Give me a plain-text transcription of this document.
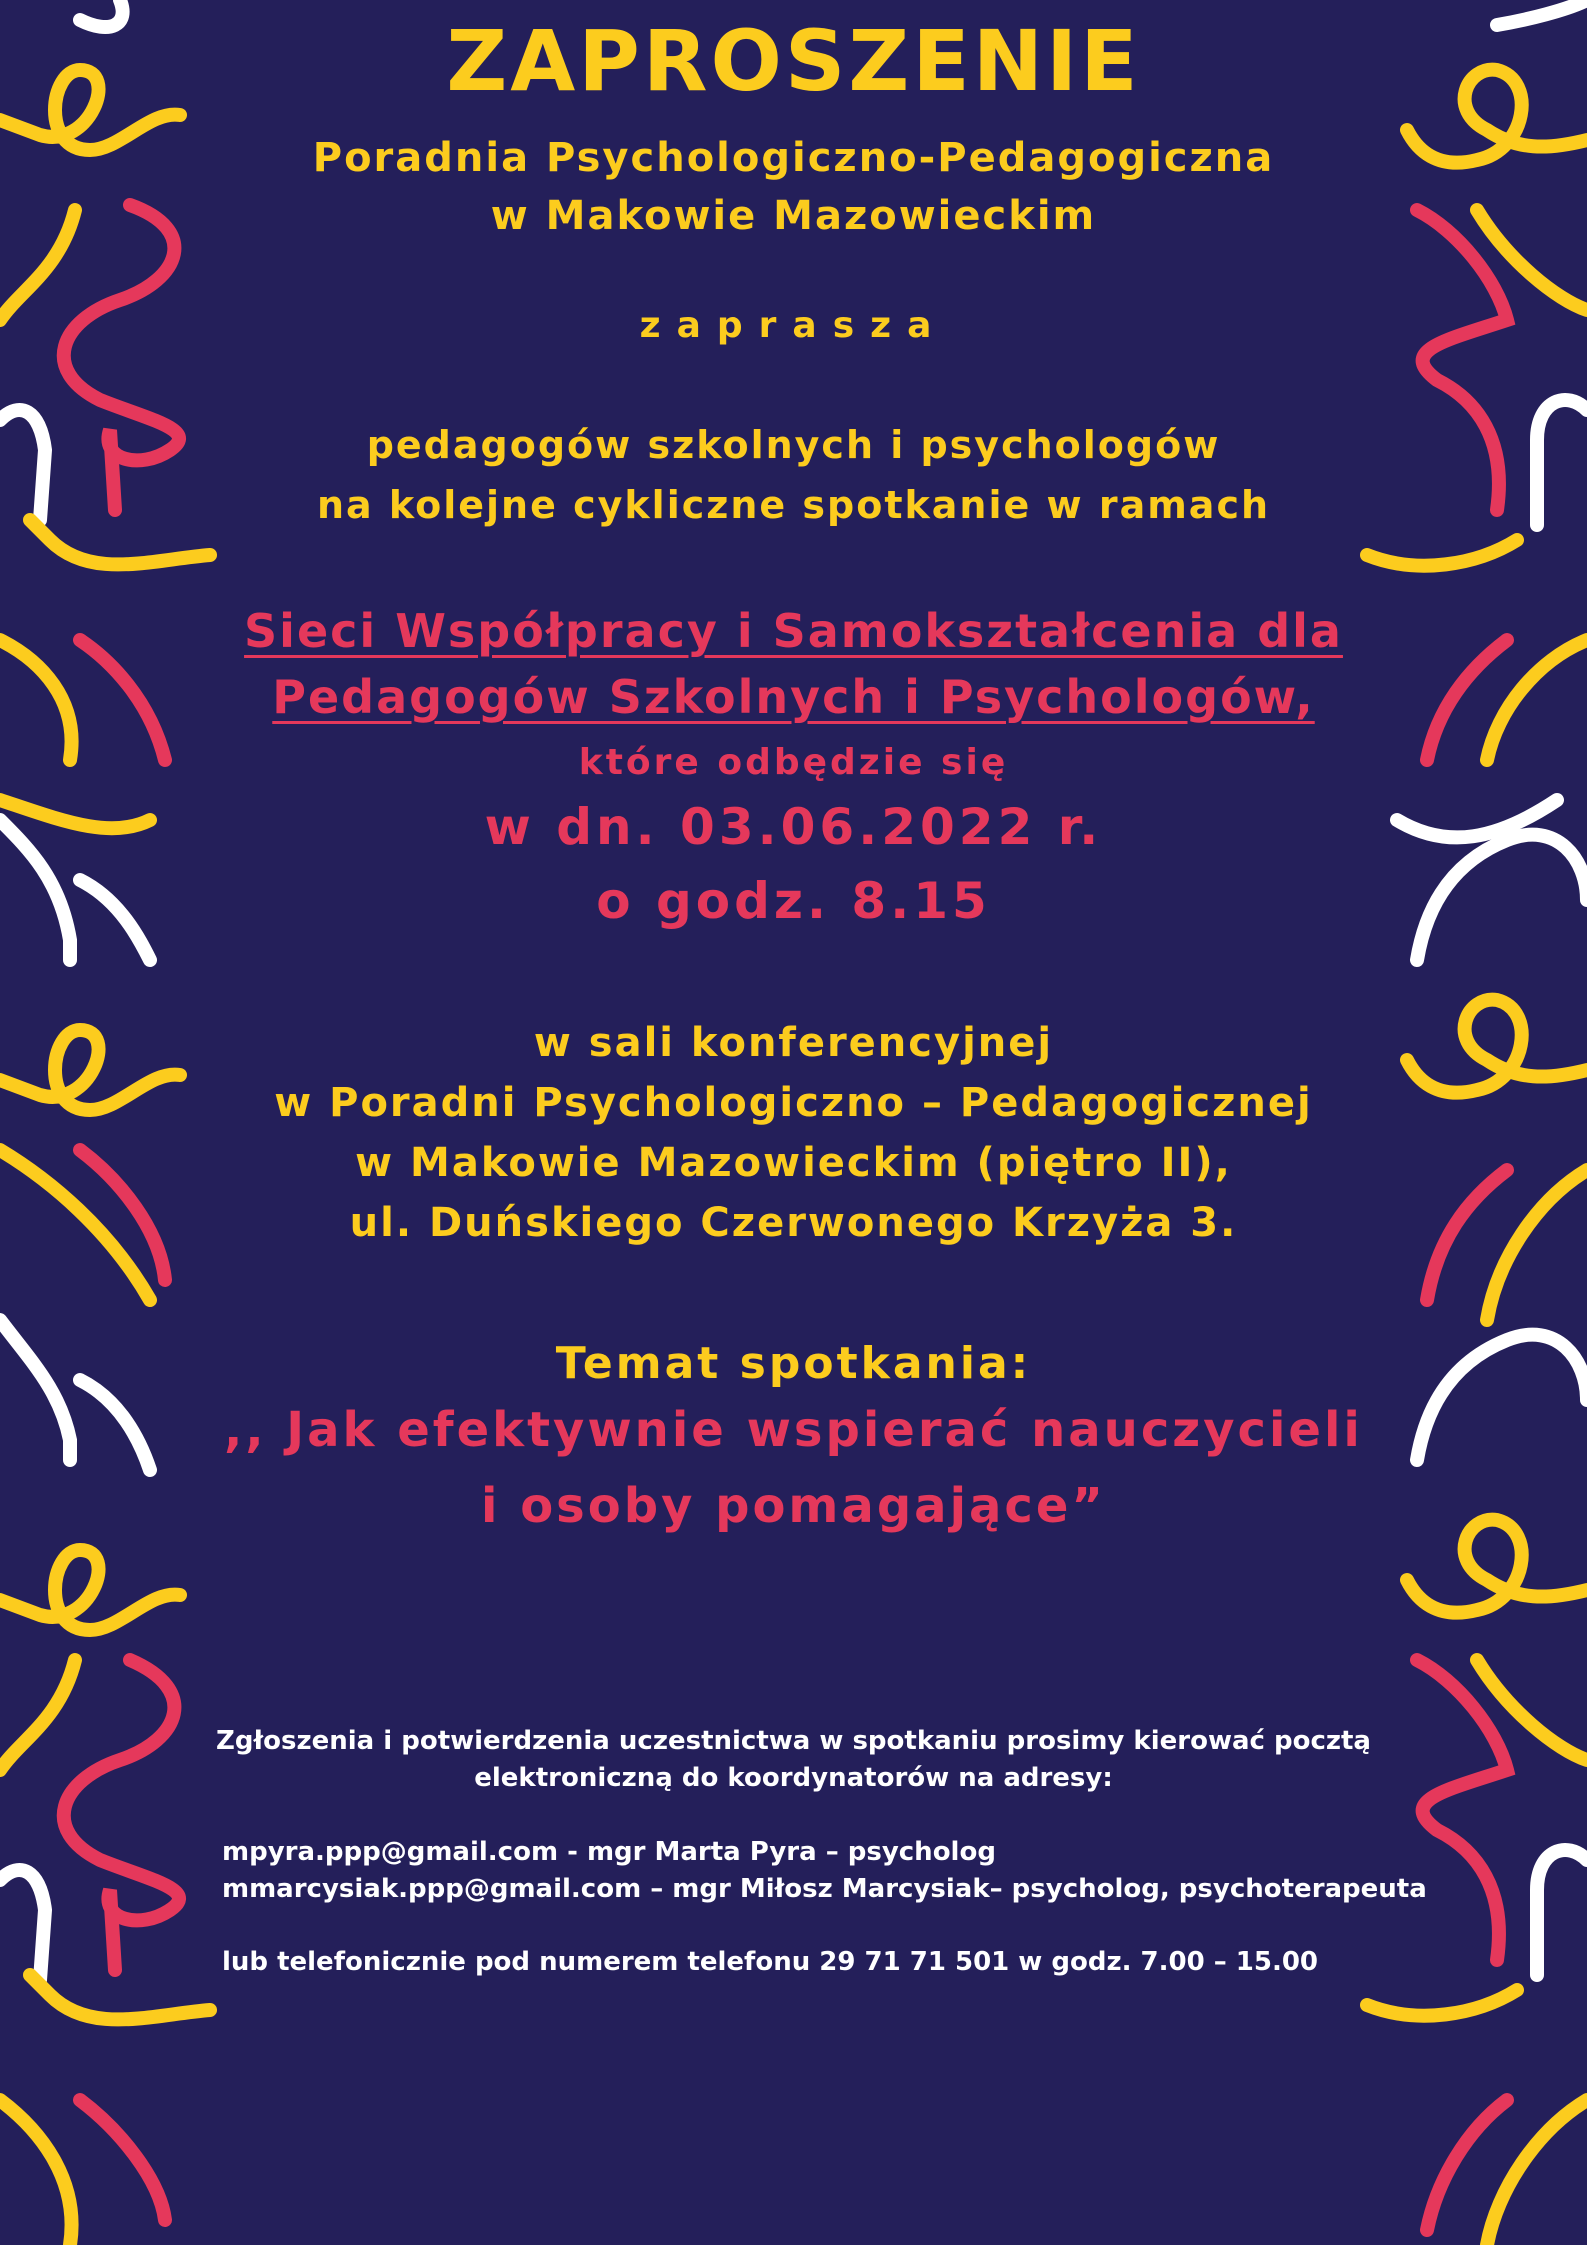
ZAPROSZENIE

Poradnia Psychologiczno-Pedagogiczna

w Makowie Mazowieckim

zaprasza

pedagogów szkolnych i psychologów

na kolejne cykliczne spotkanie w ramach

Sieci Współpracy i Samokształcenia dla

Pedagogów Szkolnych i Psychologów,

które odbędzie się

w dn. 03.06.2022 r.

o godz. 8.15

w sali konferencyjnej

w Poradni Psychologiczno – Pedagogicznej

w Makowie Mazowieckim (piętro II),

ul. Duńskiego Czerwonego Krzyża 3.

Temat spotkania:

,, Jak efektywnie wspierać nauczycieli

i osoby pomagające”

Zgłoszenia i potwierdzenia uczestnictwa w spotkaniu prosimy kierować pocztą

elektroniczną do koordynatorów na adresy:

mpyra.ppp@gmail.com - mgr Marta Pyra – psycholog

mmarcysiak.ppp@gmail.com – mgr Miłosz Marcysiak– psycholog, psychoterapeuta

lub telefonicznie pod numerem telefonu 29 71 71 501 w godz. 7.00 – 15.00
